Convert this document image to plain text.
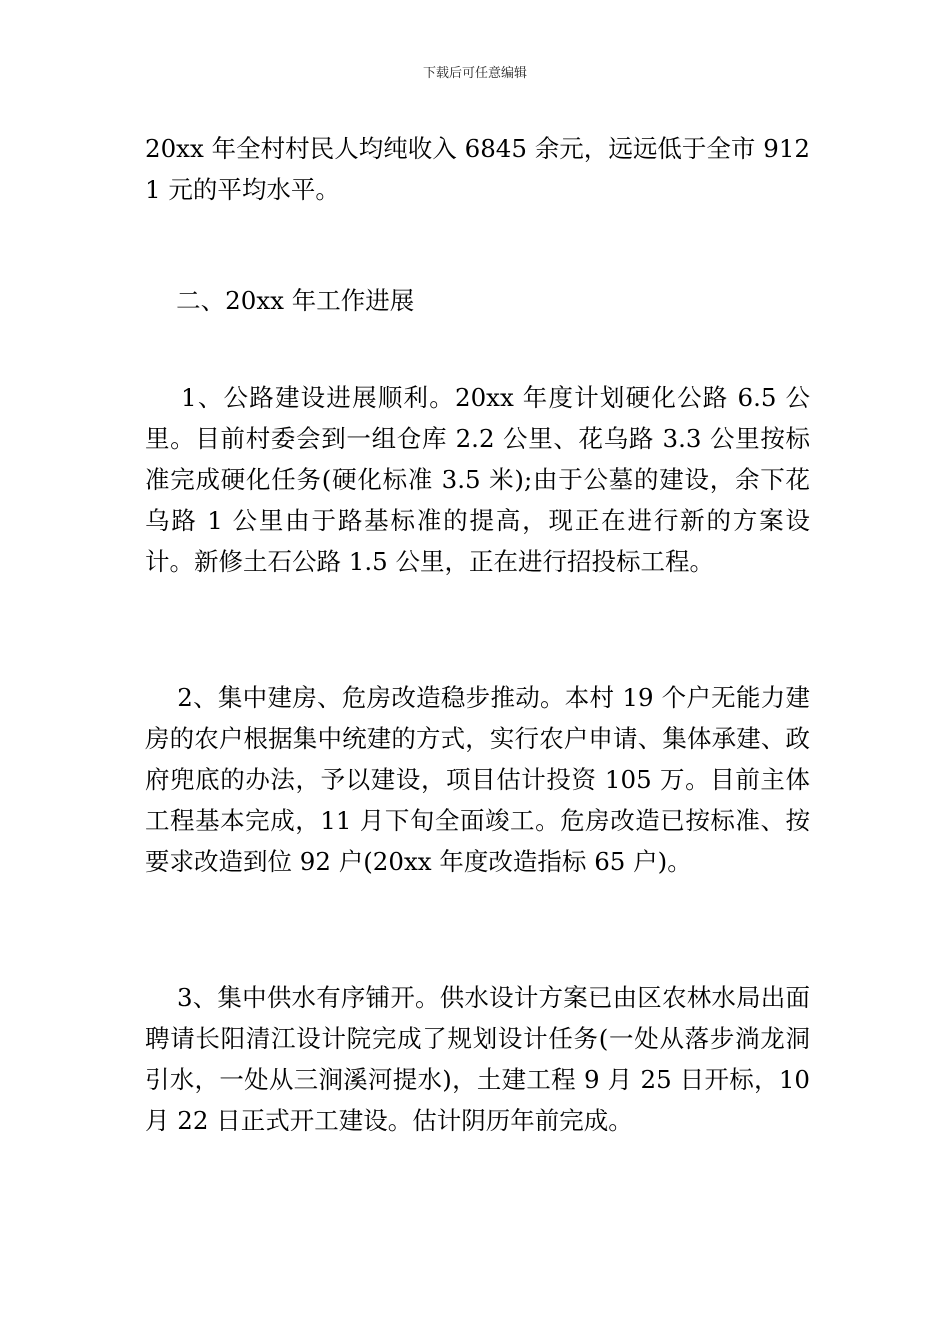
下载后可任意编辑

20xx 年全村村民人均纯收入 6845 余元，远远低于全市 9121 元的平均水平。

二、20xx 年工作进展

1、公路建设进展顺利。20xx 年度计划硬化公路 6.5 公里。目前村委会到一组仓库 2.2 公里、花乌路 3.3 公里按标准完成硬化任务(硬化标准 3.5 米);由于公墓的建设，余下花乌路 1 公里由于路基标准的提高，现正在进行新的方案设计。新修土石公路 1.5 公里，正在进行招投标工程。

2、集中建房、危房改造稳步推动。本村 19 个户无能力建房的农户根据集中统建的方式，实行农户申请、集体承建、政府兜底的办法，予以建设，项目估计投资 105 万。目前主体工程基本完成，11 月下旬全面竣工。危房改造已按标准、按要求改造到位 92 户(20xx 年度改造指标 65 户)。

3、集中供水有序铺开。供水设计方案已由区农林水局出面聘请长阳清江设计院完成了规划设计任务(一处从落步淌龙洞引水，一处从三涧溪河提水)，土建工程 9 月 25 日开标，10 月 22 日正式开工建设。估计阴历年前完成。
